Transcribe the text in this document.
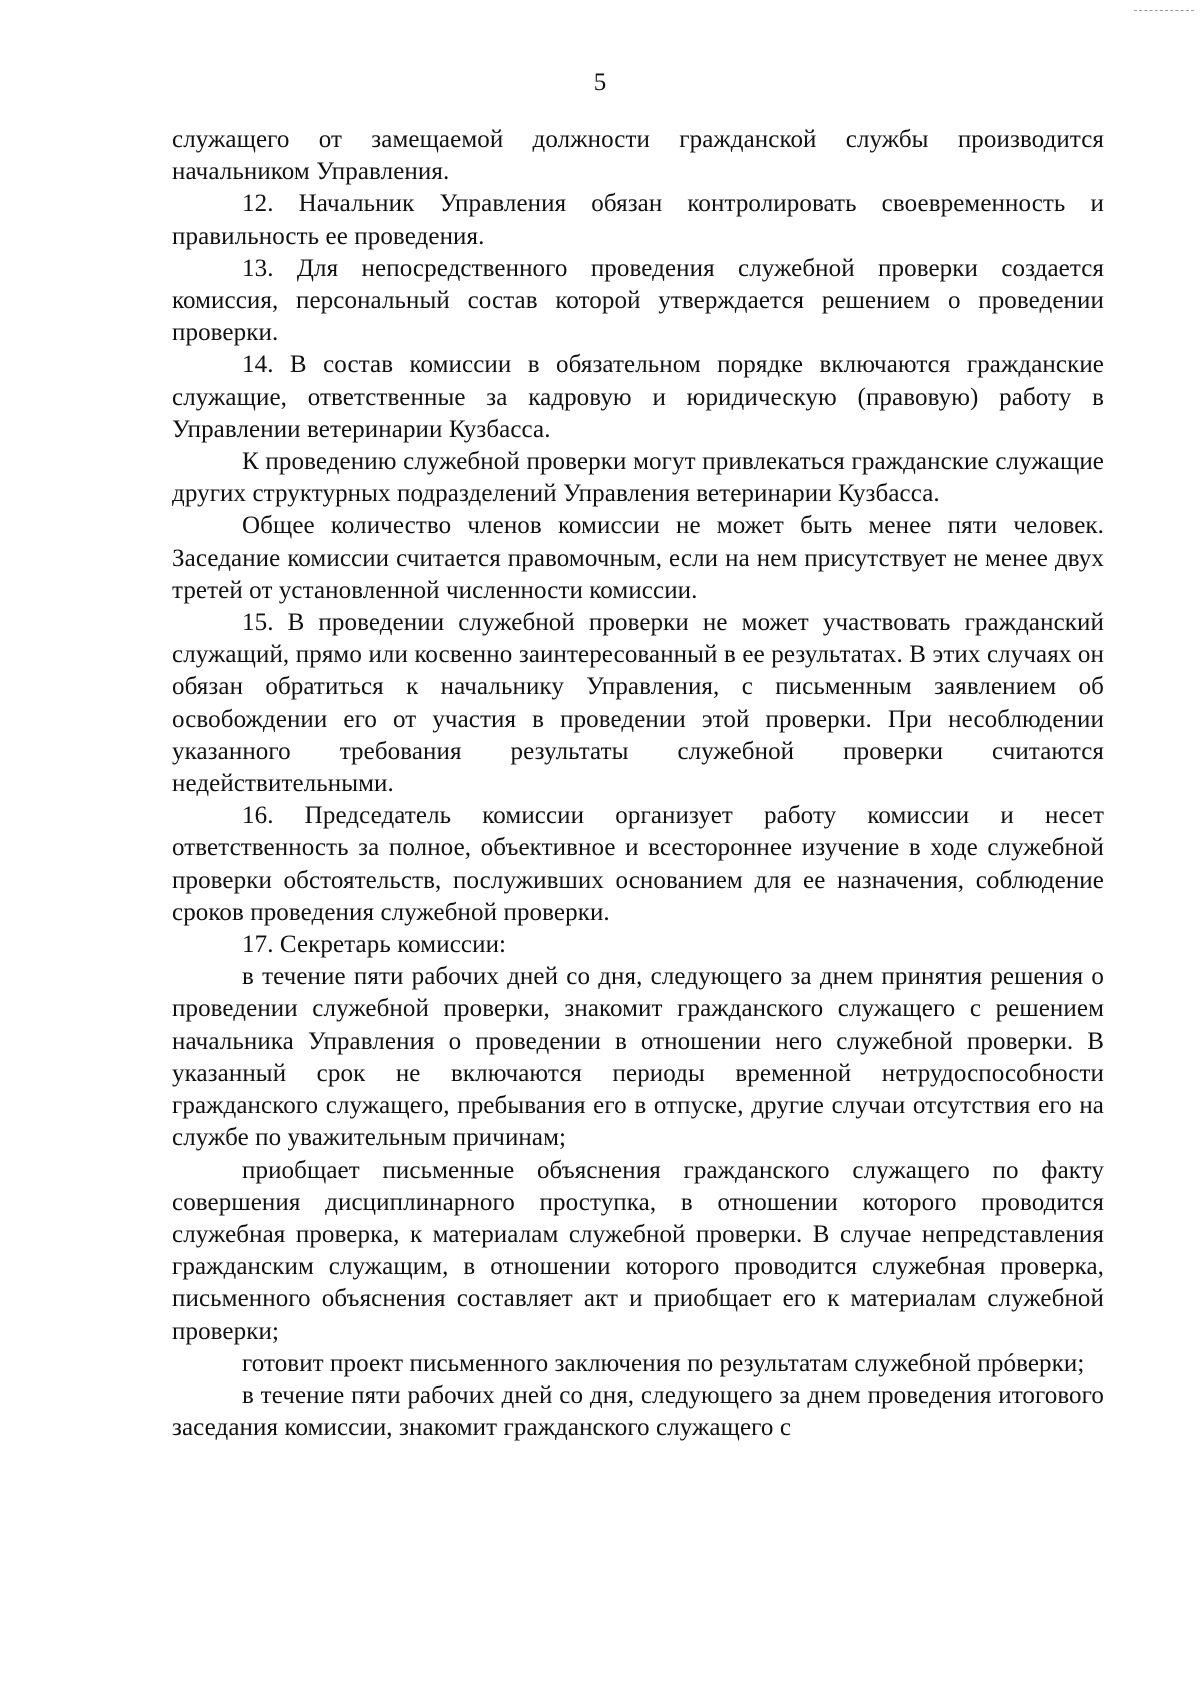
5

служащего от замещаемой должности гражданской службы производится начальником Управления.

12. Начальник Управления обязан контролировать своевременность и правильность ее проведения.

13. Для непосредственного проведения служебной проверки создается комиссия, персональный состав которой утверждается решением о проведении проверки.

14. В состав комиссии в обязательном порядке включаются гражданские служащие, ответственные за кадровую и юридическую (правовую) работу в Управлении ветеринарии Кузбасса.

К проведению служебной проверки могут привлекаться гражданские служащие других структурных подразделений Управления ветеринарии Кузбасса.

Общее количество членов комиссии не может быть менее пяти человек. Заседание комиссии считается правомочным, если на нем присутствует не менее двух третей от установленной численности комиссии.

15. В проведении служебной проверки не может участвовать гражданский служащий, прямо или косвенно заинтересованный в ее результатах. В этих случаях он обязан обратиться к начальнику Управления, с письменным заявлением об освобождении его от участия в проведении этой проверки. При несоблюдении указанного требования результаты служебной проверки считаются недействительными.

16. Председатель комиссии организует работу комиссии и несет ответственность за полное, объективное и всестороннее изучение в ходе служебной проверки обстоятельств, послуживших основанием для ее назначения, соблюдение сроков проведения служебной проверки.

17. Секретарь комиссии:

в течение пяти рабочих дней со дня, следующего за днем принятия решения о проведении служебной проверки, знакомит гражданского служащего с решением начальника Управления о проведении в отношении него служебной проверки. В указанный срок не включаются периоды временной нетрудоспособности гражданского служащего, пребывания его в отпуске, другие случаи отсутствия его на службе по уважительным причинам;

приобщает письменные объяснения гражданского служащего по факту совершения дисциплинарного проступка, в отношении которого проводится служебная проверка, к материалам служебной проверки. В случае непредставления гражданским служащим, в отношении которого проводится служебная проверка, письменного объяснения составляет акт и приобщает его к материалам служебной проверки;

готовит проект письменного заключения по результатам служебной прóверки;

в течение пяти рабочих дней со дня, следующего за днем проведения итогового заседания комиссии, знакомит гражданского служащего с
